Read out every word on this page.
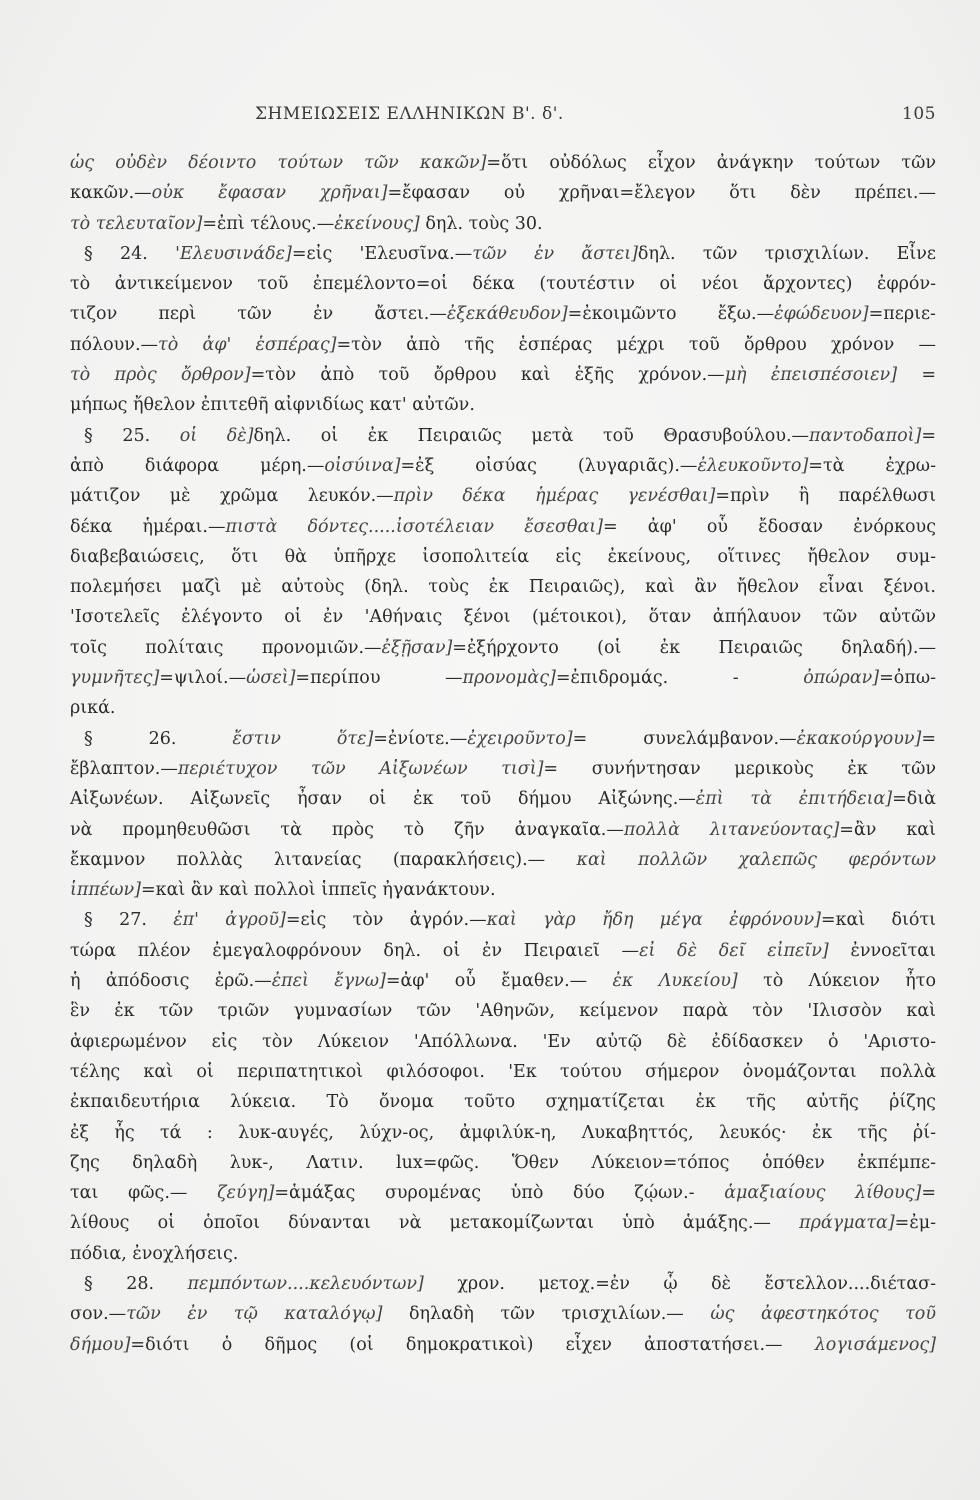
ΣΗΜΕΙΩΣΕΙΣ ΕΛΛΗΝΙΚΩΝ Β'. δ'.	105
ὡς οὐδὲν δέοιντο τούτων τῶν κακῶν]=ὅτι οὐδόλως εἶχον ἀνάγκην τούτων τῶν
κακῶν.—οὐκ ἔφασαν χρῆναι]=ἔφασαν οὐ χρῆναι=ἔλεγον ὅτι δὲν πρέπει.—
τὸ τελευταῖον]=ἐπὶ τέλους.—ἐκείνους] δηλ. τοὺς 30.
§ 24. 'Ελευσινάδε]=εἰς 'Ελευσῖνα.—τῶν ἐν ἄστει]δηλ. τῶν τρισχιλίων. Εἶνε
τὸ ἀντικείμενον τοῦ ἐπεμέλοντο=οἱ δέκα (τουτέστιν οἱ νέοι ἄρχοντες) ἐφρόν-
τιζον περὶ τῶν ἐν ἄστει.—ἐξεκάθευδον]=ἐκοιμῶντο ἔξω.—ἐφώδευον]=περιε-
πόλουν.—τὸ ἀφ' ἑσπέρας]=τὸν ἀπὸ τῆς ἑσπέρας μέχρι τοῦ ὄρθρου χρόνον —
τὸ πρὸς ὄρθρον]=τὸν ἀπὸ τοῦ ὄρθρου καὶ ἑξῆς χρόνον.—μὴ ἐπεισπέσοιεν] =
μήπως ἤθελον ἐπιτεθῆ αἰφνιδίως κατ' αὐτῶν.
§ 25. οἱ δὲ]δηλ. οἱ ἐκ Πειραιῶς μετὰ τοῦ Θρασυβούλου.—παντοδαποὶ]=
ἀπὸ διάφορα μέρη.—οἰσύινα]=ἐξ οἰσύας (λυγαριᾶς).—ἐλευκοῦντο]=τὰ ἐχρω-
μάτιζον μὲ χρῶμα λευκόν.—πρὶν δέκα ἡμέρας γενέσθαι]=πρὶν ἢ παρέλθωσι
δέκα ἡμέραι.—πιστὰ δόντες.....ἰσοτέλειαν ἔσεσθαι]= ἀφ' οὗ ἔδοσαν ἐνόρκους
διαβεβαιώσεις, ὅτι θὰ ὑπῆρχε ἰσοπολιτεία εἰς ἐκείνους, οἵτινες ἤθελον συμ-
πολεμήσει μαζὶ μὲ αὐτοὺς (δηλ. τοὺς ἐκ Πειραιῶς), καὶ ἂν ἤθελον εἶναι ξένοι.
'Ισοτελεῖς ἐλέγοντο οἱ ἐν 'Αθήναις ξένοι (μέτοικοι), ὅταν ἀπήλαυον τῶν αὐτῶν
τοῖς πολίταις προνομιῶν.—ἐξῇσαν]=ἐξήρχοντο (οἱ ἐκ Πειραιῶς δηλαδή).—
γυμνῆτες]=ψιλοί.—ὡσεὶ]=περίπου —προνομὰς]=ἐπιδρομάς. - ὀπώραν]=ὀπω-
ρικά.
§ 26. ἔστιν ὅτε]=ἐνίοτε.—ἐχειροῦντο]= συνελάμβανον.—ἐκακούργουν]=
ἔβλαπτον.—περιέτυχον τῶν Αἰξωνέων τισὶ]= συνήντησαν μερικοὺς ἐκ τῶν
Αἰξωνέων. Αἰξωνεῖς ἦσαν οἱ ἐκ τοῦ δήμου Αἰξώνης.—ἐπὶ τὰ ἐπιτήδεια]=διὰ
νὰ προμηθευθῶσι τὰ πρὸς τὸ ζῆν ἀναγκαῖα.—πολλὰ λιτανεύοντας]=ἂν καὶ
ἔκαμνον πολλὰς λιτανείας (παρακλήσεις).— καὶ πολλῶν χαλεπῶς φερόντων
ἱππέων]=καὶ ἂν καὶ πολλοὶ ἱππεῖς ἠγανάκτουν.
§ 27. ἐπ' ἀγροῦ]=εἰς τὸν ἀγρόν.—καὶ γὰρ ἤδη μέγα ἐφρόνουν]=καὶ διότι
τώρα πλέον ἐμεγαλοφρόνουν δηλ. οἱ ἐν Πειραιεῖ —εἰ δὲ δεῖ εἰπεῖν] ἐννοεῖται
ἡ ἀπόδοσις ἐρῶ.—ἐπεὶ ἔγνω]=ἀφ' οὗ ἔμαθεν.— ἐκ Λυκείου] τὸ Λύκειον ἦτο
ἓν ἐκ τῶν τριῶν γυμνασίων τῶν 'Αθηνῶν, κείμενον παρὰ τὸν 'Ιλισσὸν καὶ
ἀφιερωμένον εἰς τὸν Λύκειον 'Απόλλωνα. 'Εν αὐτῷ δὲ ἐδίδασκεν ὁ 'Αριστο-
τέλης καὶ οἱ περιπατητικοὶ φιλόσοφοι. 'Εκ τούτου σήμερον ὀνομάζονται πολλὰ
ἐκπαιδευτήρια λύκεια. Τὸ ὄνομα τοῦτο σχηματίζεται ἐκ τῆς αὐτῆς ῥίζης
ἐξ ἧς τά : λυκ-αυγές, λύχν-ος, ἀμφιλύκ-η, Λυκαβηττός, λευκός· ἐκ τῆς ῥί-
ζης δηλαδὴ λυκ-, Λατιν. lux=φῶς. Ὅθεν Λύκειον=τόπος ὁπόθεν ἐκπέμπε-
ται φῶς.— ζεύγη]=ἁμάξας συρομένας ὑπὸ δύο ζῴων.- ἁμαξιαίους λίθους]=
λίθους οἱ ὁποῖοι δύνανται νὰ μετακομίζωνται ὑπὸ ἁμάξης.— πράγματα]=ἐμ-
πόδια, ἐνοχλήσεις.
§ 28. πεμπόντων....κελευόντων] χρον. μετοχ.=ἐν ᾧ δὲ ἔστελλον....διέτασ-
σον.—τῶν ἐν τῷ καταλόγῳ] δηλαδὴ τῶν τρισχιλίων.— ὡς ἀφεστηκότος τοῦ
δήμου]=διότι ὁ δῆμος (οἱ δημοκρατικοὶ) εἶχεν ἀποστατήσει.— λογισάμενος]
